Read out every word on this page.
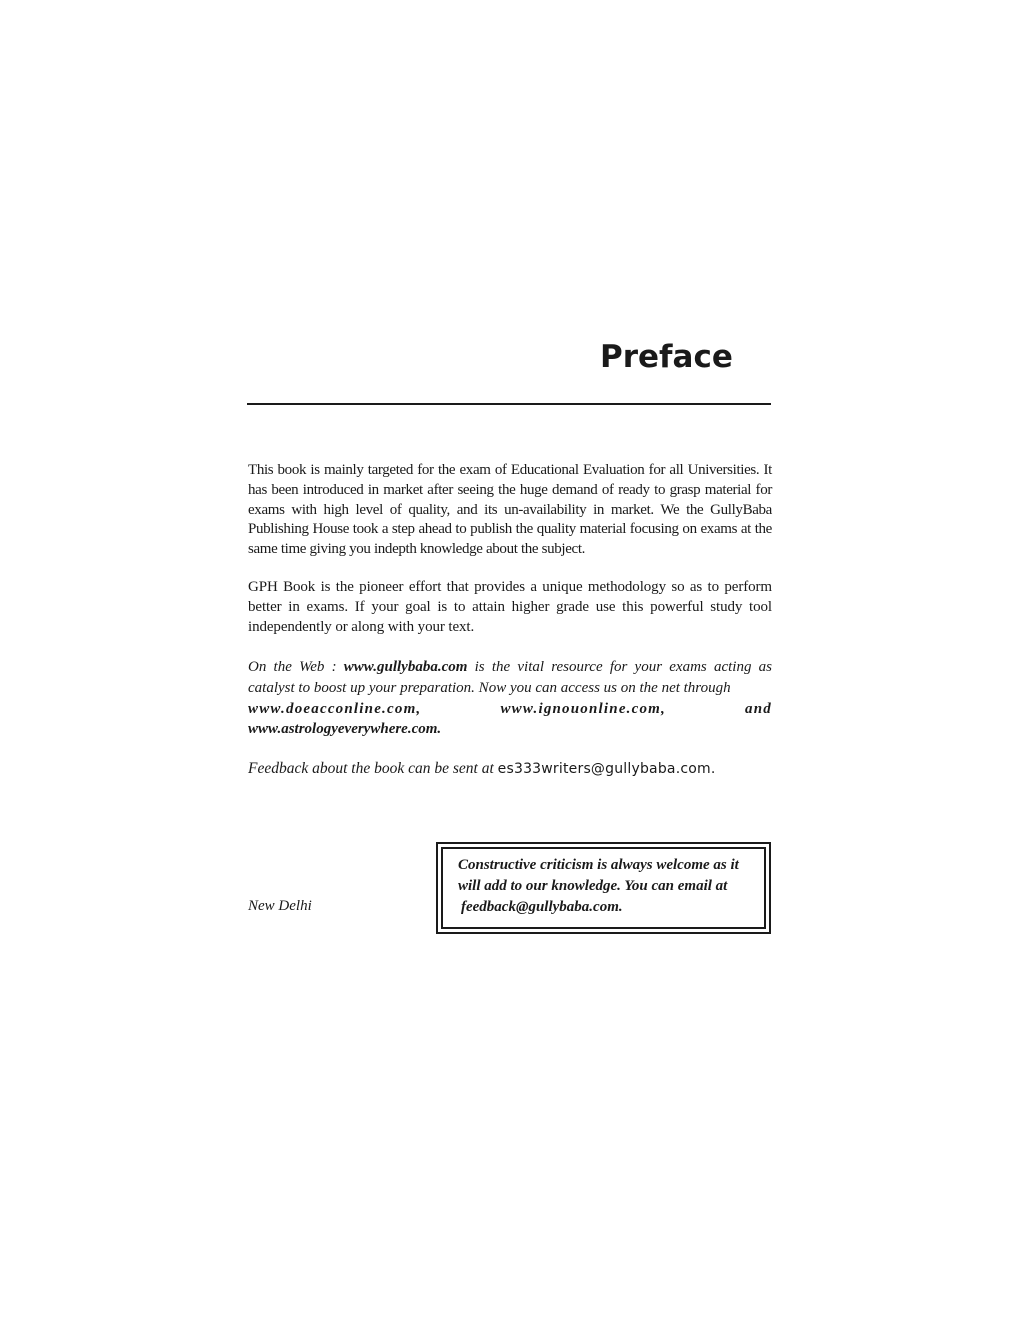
Preface

This book is mainly targeted for the exam of Educational Evaluation for all Universities. It has been introduced in market after seeing the huge demand of ready to grasp material for exams with high level of quality, and its un-availability in market. We the GullyBaba Publishing House took a step ahead to publish the quality material focusing on exams at the same time giving you indepth knowledge about the subject.

GPH Book is the pioneer effort that provides a unique methodology so as to perform better in exams. If your goal is to attain higher grade use this powerful study tool independently or along with your text.

On the Web : www.gullybaba.com is the vital resource for your exams acting as catalyst to boost up your preparation. Now you can access us on the net through
www.doeacconline.com,	www.ignouonline.com,	and
www.astrologyeverywhere.com.

Feedback about the book can be sent at es333writers@gullybaba.com.

New Delhi

Constructive criticism is always welcome as it
will add to our knowledge. You can email at
feedback@gullybaba.com.
